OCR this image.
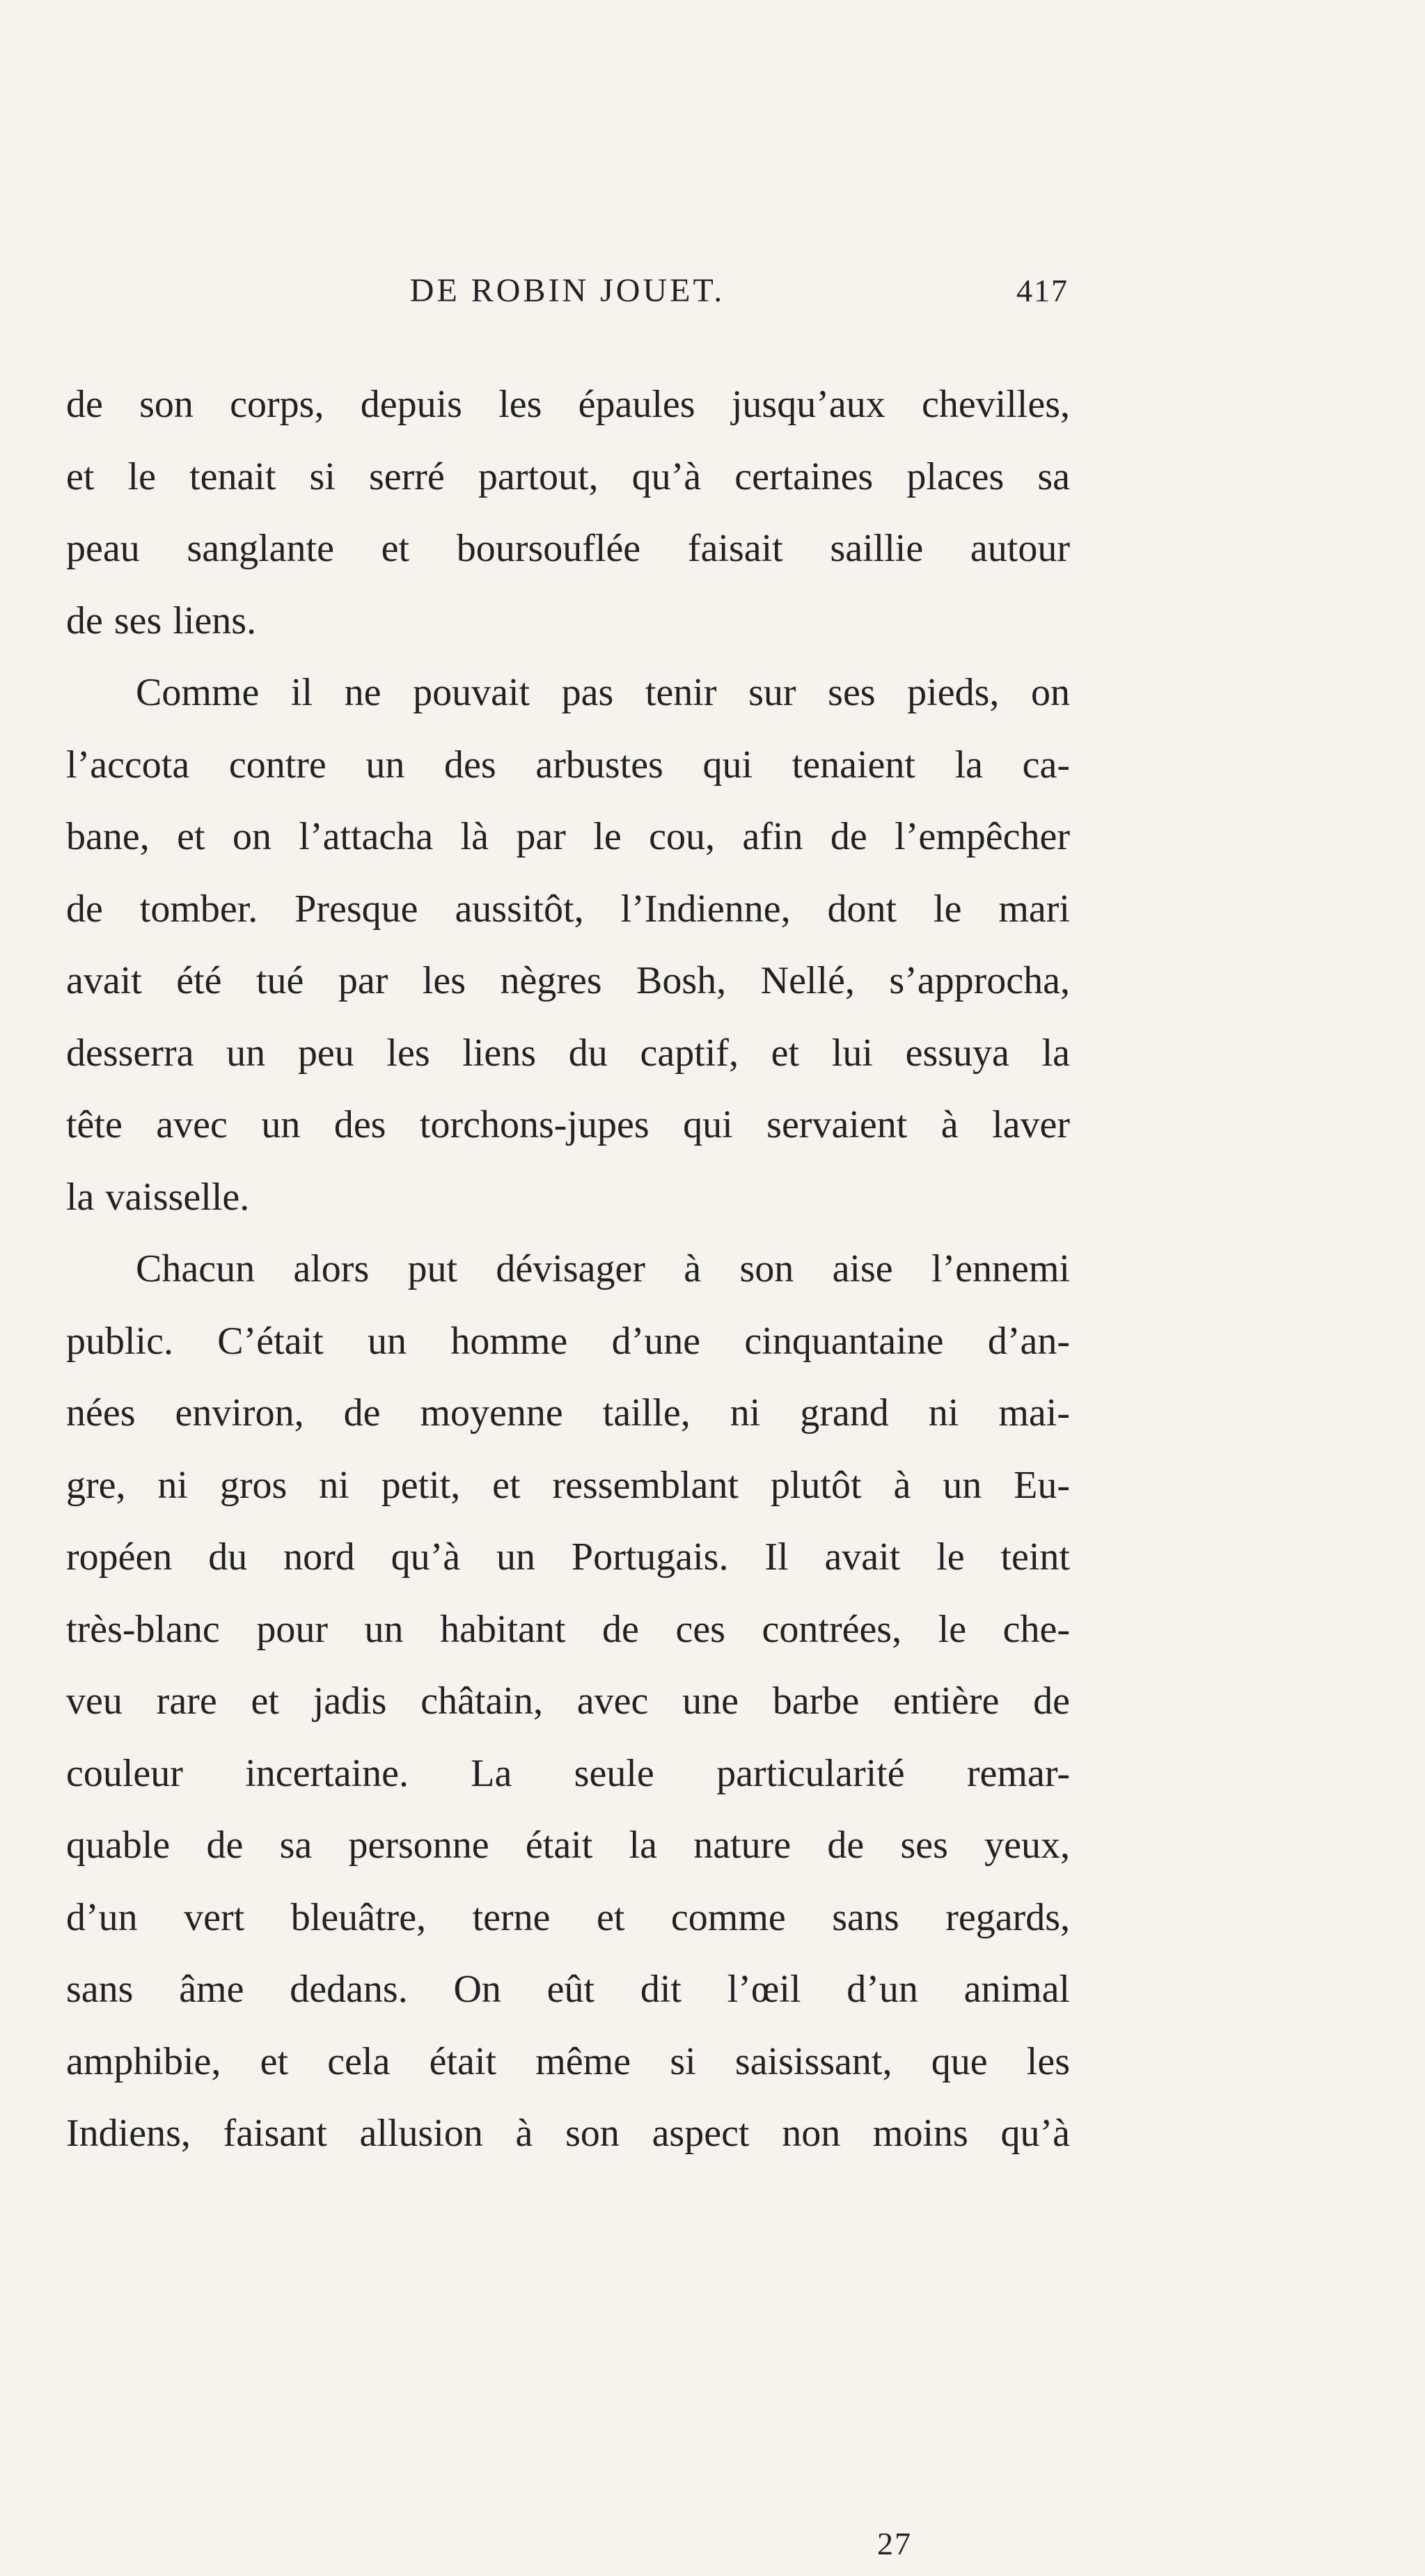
DE ROBIN JOUET.	417
de son corps, depuis les épaules jusqu’aux chevilles,
et le tenait si serré partout, qu’à certaines places sa
peau sanglante et boursouflée faisait saillie autour
de ses liens.
Comme il ne pouvait pas tenir sur ses pieds, on
l’accota contre un des arbustes qui tenaient la ca-
bane, et on l’attacha là par le cou, afin de l’empêcher
de tomber. Presque aussitôt, l’Indienne, dont le mari
avait été tué par les nègres Bosh, Nellé, s’approcha,
desserra un peu les liens du captif, et lui essuya la
tête avec un des torchons-jupes qui servaient à laver
la vaisselle.
Chacun alors put dévisager à son aise l’ennemi
public. C’était un homme d’une cinquantaine d’an-
nées environ, de moyenne taille, ni grand ni mai-
gre, ni gros ni petit, et ressemblant plutôt à un Eu-
ropéen du nord qu’à un Portugais. Il avait le teint
très-blanc pour un habitant de ces contrées, le che-
veu rare et jadis châtain, avec une barbe entière de
couleur incertaine. La seule particularité remar-
quable de sa personne était la nature de ses yeux,
d’un vert bleuâtre, terne et comme sans regards,
sans âme dedans. On eût dit l’œil d’un animal
amphibie, et cela était même si saisissant, que les
Indiens, faisant allusion à son aspect non moins qu’à
27
